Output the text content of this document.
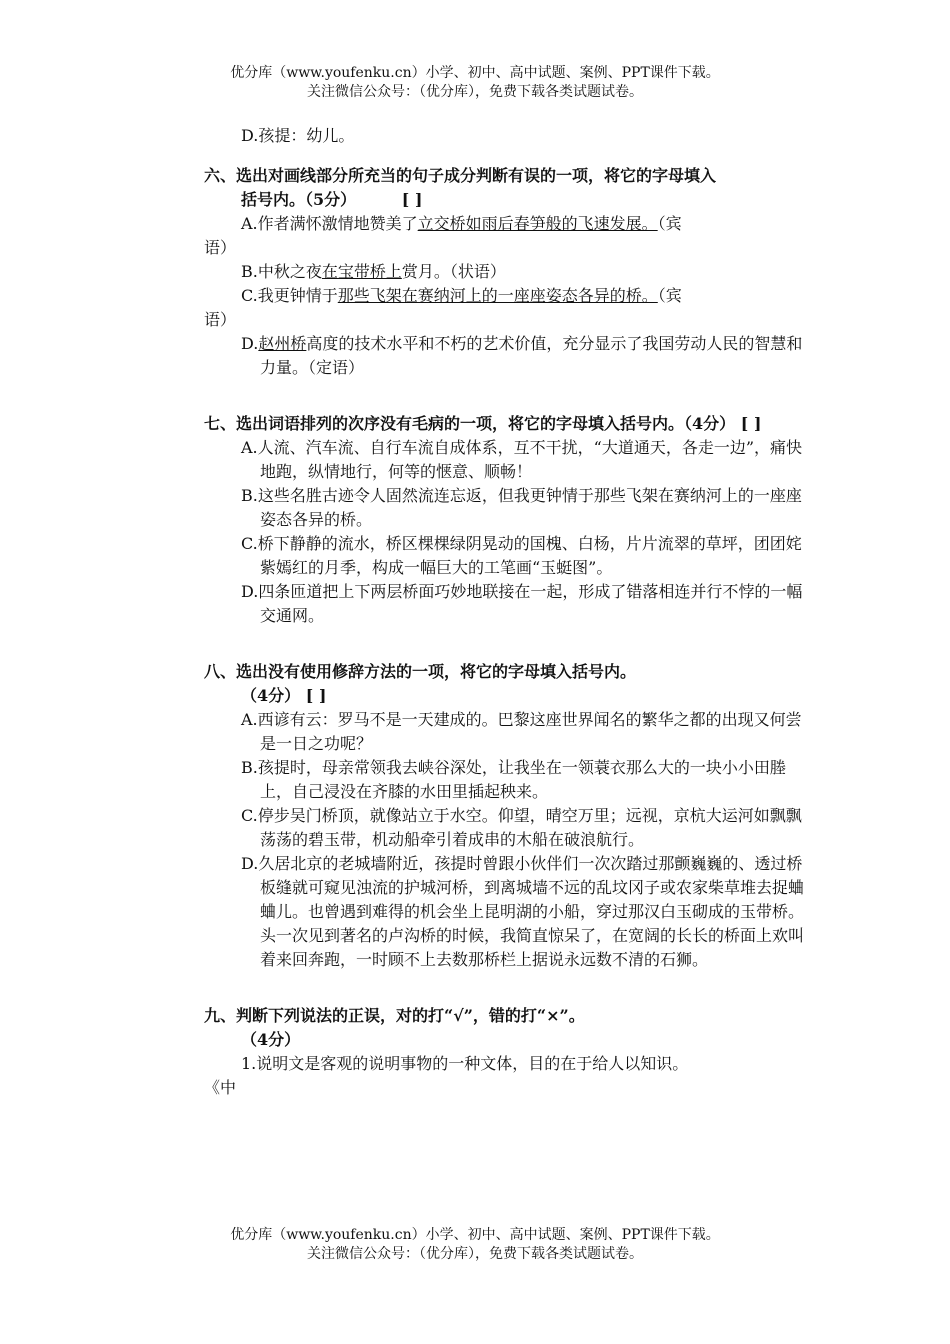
优分库（www.youfenku.cn）小学、初中、高中试题、案例、PPT课件下载。
关注微信公众号：（优分库），免费下载各类试题试卷。
D.孩提：幼儿。
六、选出对画线部分所充当的句子成分判断有误的一项，将它的字母填入
括号内。（5分）	[ ]
A.作者满怀激情地赞美了立交桥如雨后春笋般的飞速发展。（宾
语）
B.中秋之夜在宝带桥上赏月。（状语）
C.我更钟情于那些飞架在赛纳河上的一座座姿态各异的桥。（宾
语）
D.赵州桥高度的技术水平和不朽的艺术价值，充分显示了我国劳动人民的智慧和力量。（定语）
七、选出词语排列的次序没有毛病的一项，将它的字母填入括号内。（4分） [ ]
A.人流、汽车流、自行车流自成体系，互不干扰，“大道通天，各走一边”，痛快地跑，纵情地行，何等的惬意、顺畅！
B.这些名胜古迹令人固然流连忘返，但我更钟情于那些飞架在赛纳河上的一座座姿态各异的桥。
C.桥下静静的流水，桥区棵棵绿阴晃动的国槐、白杨，片片流翠的草坪，团团姹紫嫣红的月季，构成一幅巨大的工笔画“玉蜓图”。
D.四条匝道把上下两层桥面巧妙地联接在一起，形成了错落相连并行不悖的一幅交通网。
八、选出没有使用修辞方法的一项，将它的字母填入括号内。
（4分） [ ]
A.西谚有云：罗马不是一天建成的。巴黎这座世界闻名的繁华之都的出现又何尝是一日之功呢？
B.孩提时，母亲常领我去峡谷深处，让我坐在一领蓑衣那么大的一块小小田塍上，自己浸没在齐膝的水田里插起秧来。
C.停步吴门桥顶，就像站立于水空。仰望，晴空万里；远视，京杭大运河如飘飘荡荡的碧玉带，机动船牵引着成串的木船在破浪航行。
D.久居北京的老城墙附近，孩提时曾跟小伙伴们一次次踏过那颤巍巍的、透过桥板缝就可窥见浊流的护城河桥，到离城墙不远的乱坟冈子或农家柴草堆去捉蛐蛐儿。也曾遇到难得的机会坐上昆明湖的小船，穿过那汉白玉砌成的玉带桥。头一次见到著名的卢沟桥的时候，我简直惊呆了，在宽阔的长长的桥面上欢叫着来回奔跑，一时顾不上去数那桥栏上据说永远数不清的石狮。
九、判断下列说法的正误，对的打“√”，错的打“×”。
（4分）
1.说明文是客观的说明事物的一种文体，目的在于给人以知识。
《中
优分库（www.youfenku.cn）小学、初中、高中试题、案例、PPT课件下载。
关注微信公众号：（优分库），免费下载各类试题试卷。
